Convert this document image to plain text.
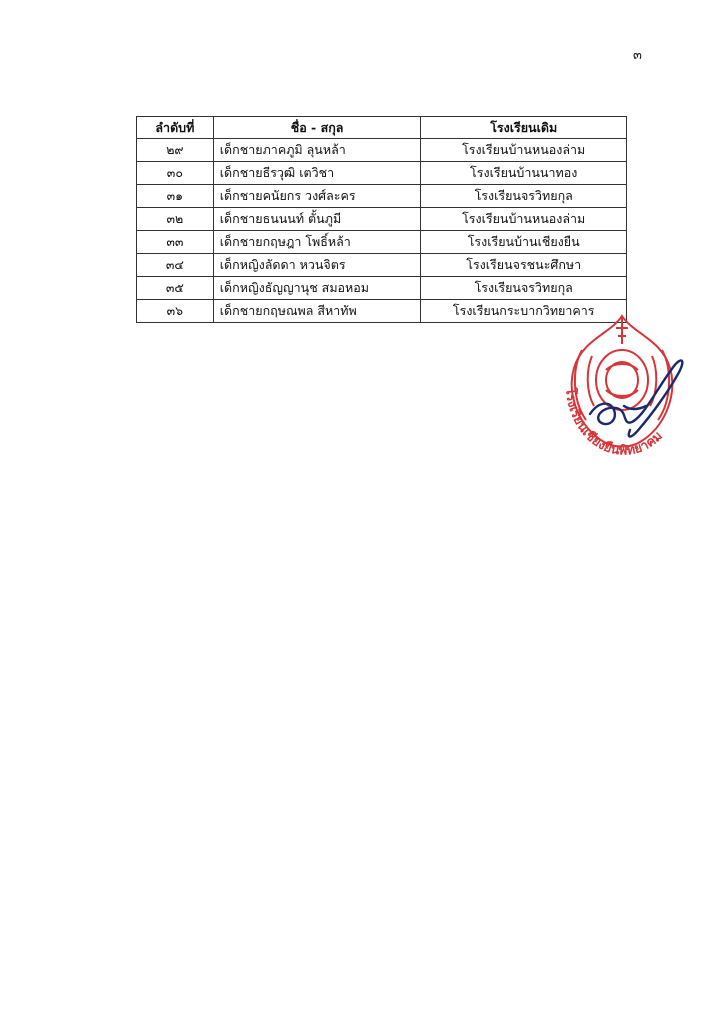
๓
ลำดับที่	ชื่อ - สกุล	โรงเรียนเดิม
๒๙	เด็กชายภาคภูมิ ลุนหล้า	โรงเรียนบ้านหนองล่าม
๓๐	เด็กชายธีรวุฒิ เตวิชา	โรงเรียนบ้านนาทอง
๓๑	เด็กชายคนัยกร วงศ์ละคร	โรงเรียนจรวิทยกุล
๓๒	เด็กชายธนนนท์ ตั้นภูมี	โรงเรียนบ้านหนองล่าม
๓๓	เด็กชายกฤษฎา โพธิ์หล้า	โรงเรียนบ้านเชียงยืน
๓๔	เด็กหญิงลัดดา หวนจิตร	โรงเรียนจรชนะศึกษา
๓๕	เด็กหญิงธัญญานุช สมอหอม	โรงเรียนจรวิทยกุล
๓๖	เด็กชายกฤษณพล สีหาทัพ	โรงเรียนกระบากวิทยาคาร
โรงเรียนเชียงยืนพิทยาคม
